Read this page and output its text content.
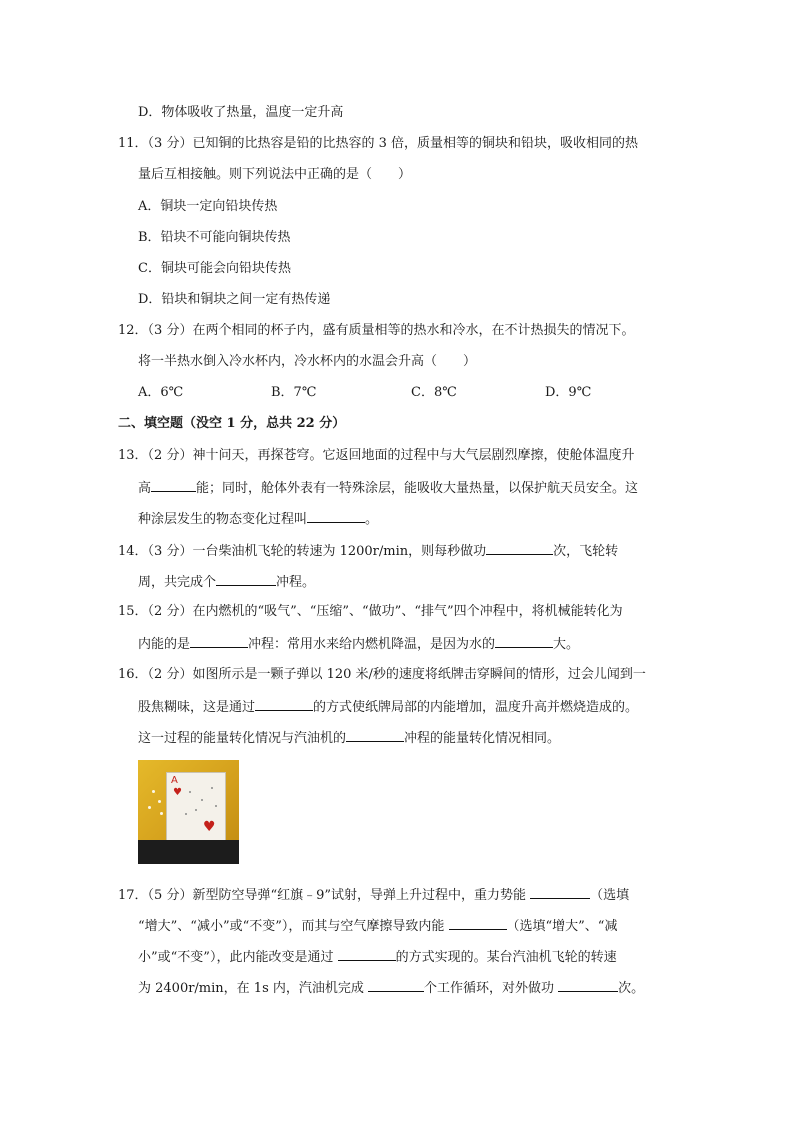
D．物体吸收了热量，温度一定升高
11．（3 分）已知铜的比热容是铅的比热容的 3 倍，质量相等的铜块和铅块，吸收相同的热
量后互相接触。则下列说法中正确的是（　　）
A．铜块一定向铅块传热
B．铅块不可能向铜块传热
C．铜块可能会向铅块传热
D．铅块和铜块之间一定有热传递
12．（3 分）在两个相同的杯子内，盛有质量相等的热水和冷水，在不计热损失的情况下。
将一半热水倒入冷水杯内，冷水杯内的水温会升高（　　）
A．6℃	B．7℃	C．8℃	D．9℃
二、填空题（没空 1 分，总共 22 分）
13．（2 分）神十问天，再探苍穹。它返回地面的过程中与大气层剧烈摩擦，使舱体温度升
高	能；同时，舱体外表有一特殊涂层，能吸收大量热量，以保护航天员安全。这
种涂层发生的物态变化过程叫	。
14．（3 分）一台柴油机飞轮的转速为 1200r/min，则每秒做功	次，飞轮转
周，共完成个	冲程。
15．（2 分）在内燃机的“吸气”、“压缩”、“做功”、“排气”四个冲程中，将机械能转化为
内能的是	冲程：常用水来给内燃机降温，是因为水的	大。
16．（2 分）如图所示是一颗子弹以 120 米/秒的速度将纸牌击穿瞬间的情形，过会儿闻到一
股焦糊味，这是通过	的方式使纸牌局部的内能增加，温度升高并燃烧造成的。
这一过程的能量转化情况与汽油机的	冲程的能量转化情况相同。
A
♥
♥
17．（5 分）新型防空导弹“红旗﹣9”试射，导弹上升过程中，重力势能	（选填
“增大”、“减小”或“不变”），而其与空气摩擦导致内能	（选填“增大”、“减
小”或“不变”），此内能改变是通过	的方式实现的。某台汽油机飞轮的转速
为 2400r/min，在 1s 内，汽油机完成	个工作循环，对外做功	次。
